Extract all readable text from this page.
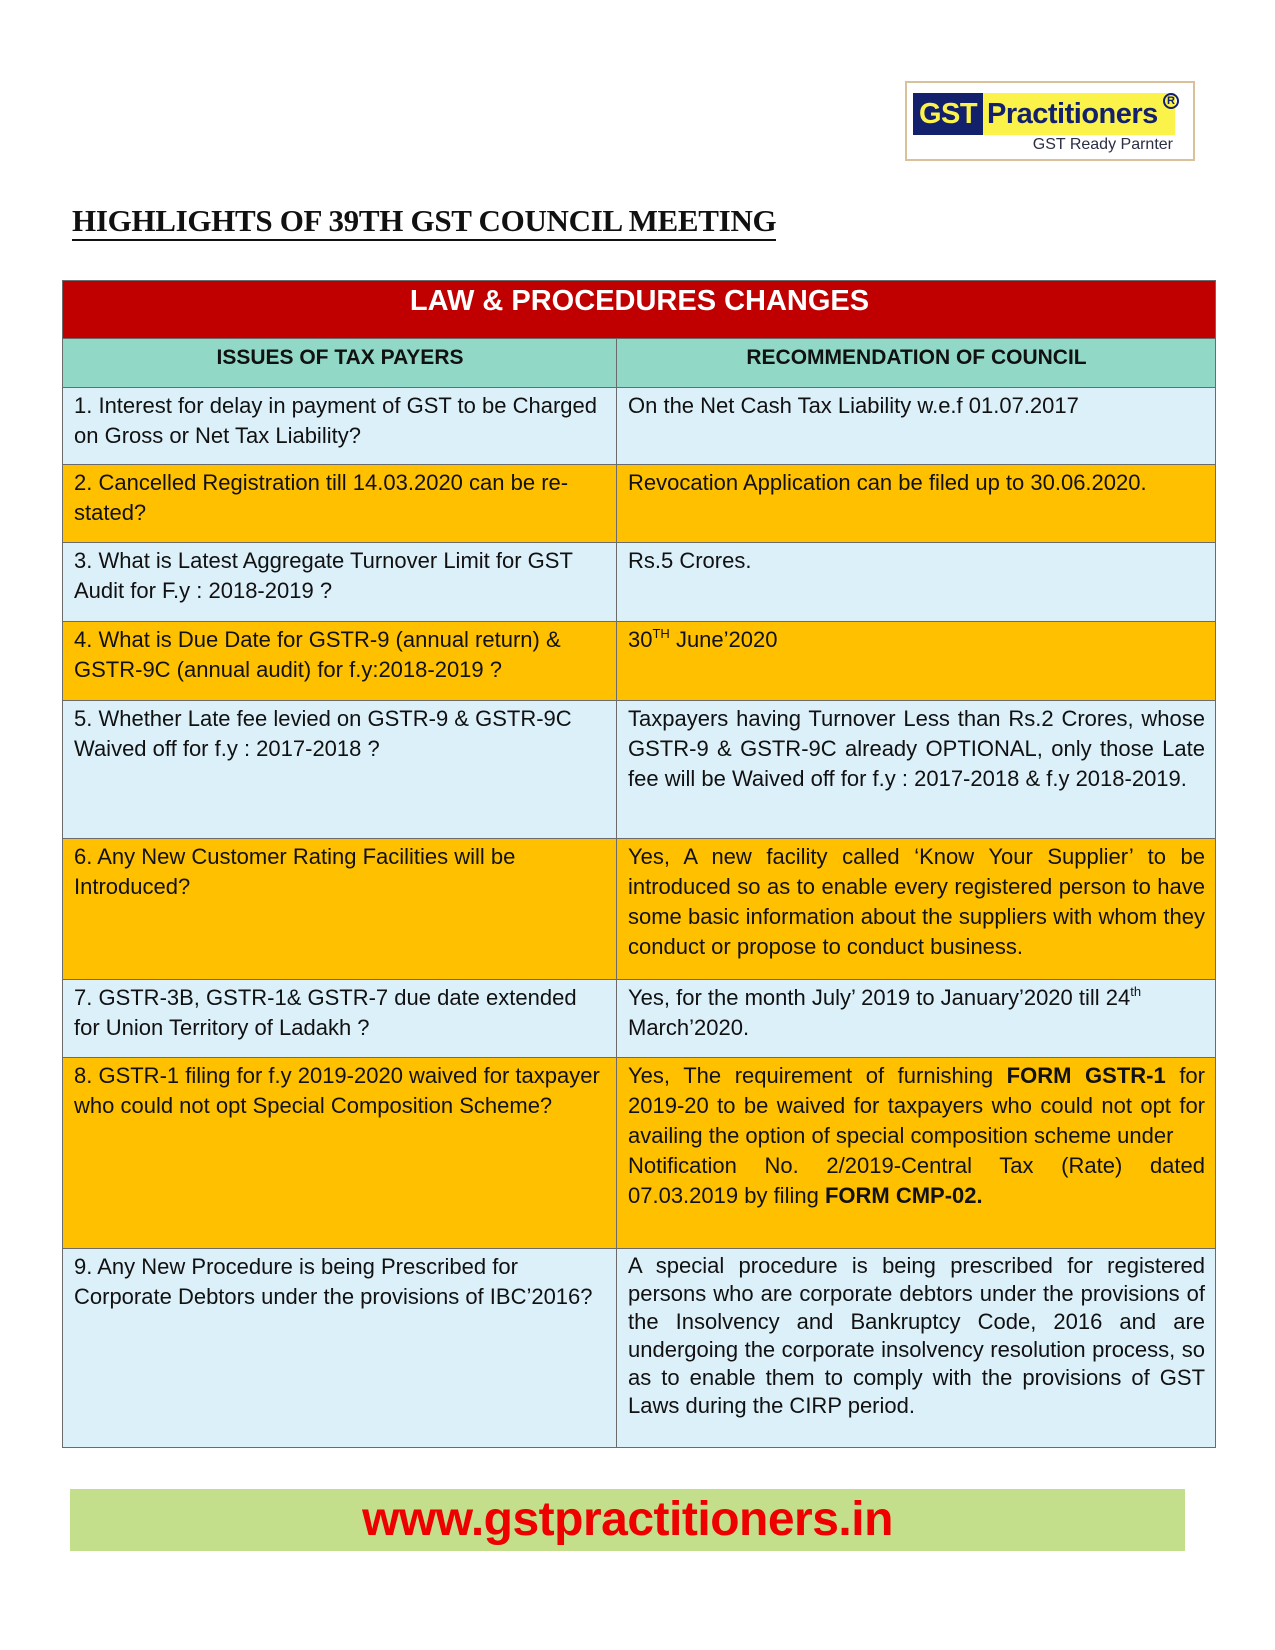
GST Practitioners R
GST Ready Parnter
HIGHLIGHTS OF 39TH GST COUNCIL MEETING
LAW & PROCEDURES CHANGES	
ISSUES OF TAX PAYERS	RECOMMENDATION OF COUNCIL
1. Interest for delay in payment of GST to be Charged on Gross or Net Tax Liability?	On the Net Cash Tax Liability w.e.f 01.07.2017
2. Cancelled Registration till 14.03.2020 can be re-stated?	Revocation Application can be filed up to 30.06.2020.
3. What is Latest Aggregate Turnover Limit for GST Audit for F.y : 2018-2019 ?	Rs.5 Crores.
4. What is Due Date for GSTR-9 (annual return) & GSTR-9C (annual audit) for f.y:2018-2019 ?	30TH June’2020
5. Whether Late fee levied on GSTR-9 & GSTR-9C Waived off for f.y : 2017-2018 ?	Taxpayers having Turnover Less than Rs.2 Crores, whose GSTR-9 & GSTR-9C already OPTIONAL, only those Late fee will be Waived off for f.y : 2017-2018 & f.y 2018-2019.
6. Any New Customer Rating Facilities will be Introduced?	Yes, A new facility called ‘Know Your Supplier’ to be introduced so as to enable every registered person to have some basic information about the suppliers with whom they conduct or propose to conduct business.
7. GSTR-3B, GSTR-1& GSTR-7 due date extended for Union Territory of Ladakh ?	Yes, for the month July’ 2019 to January’2020 till 24th March’2020.
8. GSTR-1 filing for f.y 2019-2020 waived for taxpayer who could not opt Special Composition Scheme?	Yes, The requirement of furnishing FORM GSTR-1 for 2019-20 to be waived for taxpayers who could not opt for availing the option of special composition scheme under
Notification No. 2/2019-Central Tax (Rate) dated 07.03.2019 by filing FORM CMP-02.
9. Any New Procedure is being Prescribed for Corporate Debtors under the provisions of IBC’2016?	A special procedure is being prescribed for registered persons who are corporate debtors under the provisions of the Insolvency and Bankruptcy Code, 2016 and are undergoing the corporate insolvency resolution process, so as to enable them to comply with the provisions of GST Laws during the CIRP period.
www.gstpractitioners.in
